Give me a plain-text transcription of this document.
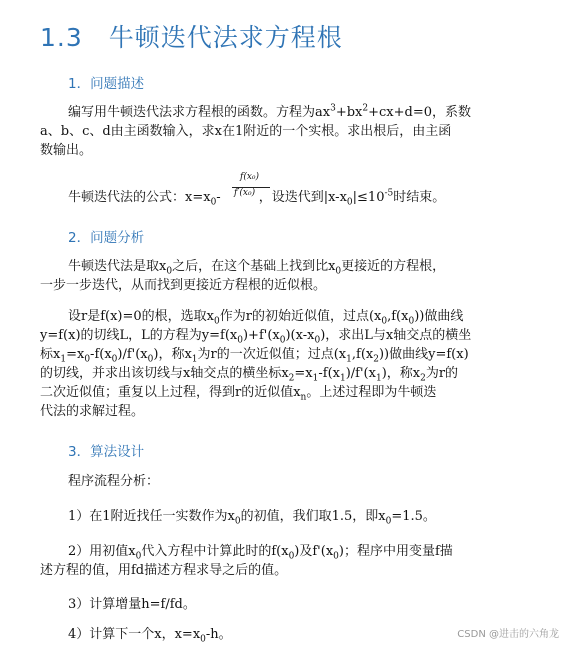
1.3　牛顿迭代法求方程根
1．问题描述

编写用牛顿迭代法求方程根的函数。方程为$ax^3+bx^2+cx+d=0$，系数

a、b、c、d由主函数输入，求x在1附近的一个实根。求出根后，由主函

数输出。

f(x₀)
f′(x₀)

牛顿迭代法的公式：$x=x_0-$	，设迭代到$|x-x_0|\le 10^{-5}$时结束。

2．问题分析

牛顿迭代法是取$x_0$之后，在这个基础上找到比$x_0$更接近的方程根，

一步一步迭代，从而找到更接近方程根的近似根。

设r是f(x)=0的根，选取$x_0$作为r的初始近似值，过点$(x_0,f(x_0))$做曲线

y=f(x)的切线L，L的方程为$y=f(x_0)+f'(x_0)(x-x_0)$，求出L与x轴交点的横坐

标$x_1=x_0-f(x_0)/f'(x_0)$，称$x_1$为r的一次近似值；过点$(x_1,f(x_2))$做曲线y=f(x)

的切线，并求出该切线与x轴交点的横坐标$x_2=x_1-f(x_1)/f'(x_1)$，称$x_2$为r的

二次近似值；重复以上过程，得到r的近似值$x_n$。上述过程即为牛顿迭

代法的求解过程。

3．算法设计

程序流程分析：

1）在1附近找任一实数作为$x_0$的初值，我们取1.5，即$x_0=1.5$。

2）用初值$x_0$代入方程中计算此时的$f(x_0)$及$f'(x_0)$；程序中用变量f描

述方程的值，用fd描述方程求导之后的值。

3）计算增量h=f/fd。

4）计算下一个x，$x=x_0-h$。	CSDN @进击的六角龙
